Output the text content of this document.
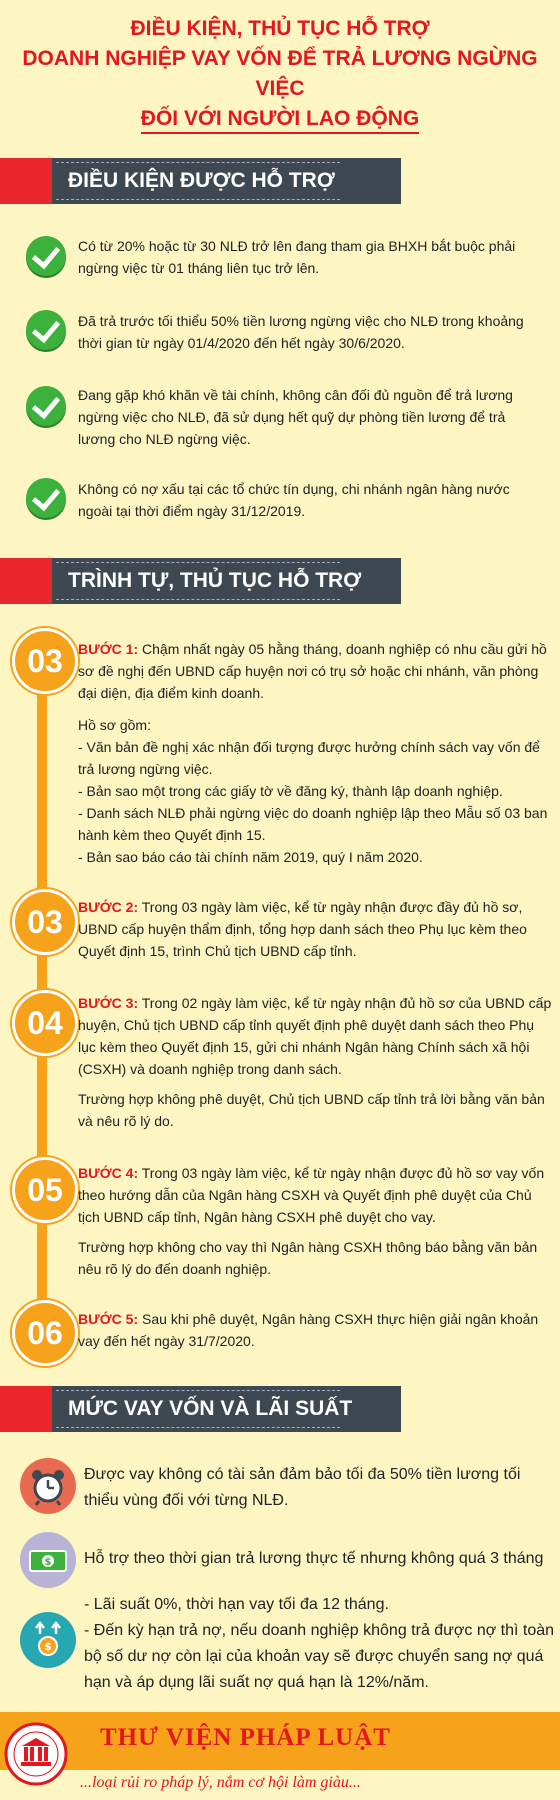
ĐIỀU KIỆN, THỦ TỤC HỖ TRỢ
DOANH NGHIỆP VAY VỐN ĐỂ TRẢ LƯƠNG NGỪNG VIỆC
ĐỐI VỚI NGƯỜI LAO ĐỘNG
ĐIỀU KIỆN ĐƯỢC HỖ TRỢ
Có từ 20% hoặc từ 30 NLĐ trở lên đang tham gia BHXH bắt buộc phải ngừng việc từ 01 tháng liên tục trở lên.
Đã trả trước tối thiểu 50% tiền lương ngừng việc cho NLĐ trong khoảng thời gian từ ngày 01/4/2020 đến hết ngày 30/6/2020.
Đang gặp khó khăn về tài chính, không cân đối đủ nguồn để trả lương ngừng việc cho NLĐ, đã sử dụng hết quỹ dự phòng tiền lương để trả lương cho NLĐ ngừng việc.
Không có nợ xấu tại các tổ chức tín dụng, chi nhánh ngân hàng nước ngoài tại thời điểm ngày 31/12/2019.
TRÌNH TỰ, THỦ TỤC HỖ TRỢ
03	BƯỚC 1: Chậm nhất ngày 05 hằng tháng, doanh nghiệp có nhu cầu gửi hồ sơ đề nghị đến UBND cấp huyện nơi có trụ sở hoặc chi nhánh, văn phòng đại diện, địa điểm kinh doanh.

Hồ sơ gồm:
- Văn bản đề nghị xác nhận đối tượng được hưởng chính sách vay vốn để trả lương ngừng việc.
- Bản sao một trong các giấy tờ về đăng ký, thành lập doanh nghiệp.
- Danh sách NLĐ phải ngừng việc do doanh nghiệp lập theo Mẫu số 03 ban hành kèm theo Quyết định 15.
- Bản sao báo cáo tài chính năm 2019, quý I năm 2020.
03	BƯỚC 2: Trong 03 ngày làm việc, kể từ ngày nhận được đầy đủ hồ sơ, UBND cấp huyện thẩm định, tổng hợp danh sách theo Phụ lục kèm theo Quyết định 15, trình Chủ tịch UBND cấp tỉnh.

04

BƯỚC 3: Trong 02 ngày làm việc, kể từ ngày nhận đủ hồ sơ của UBND cấp huyện, Chủ tịch UBND cấp tỉnh quyết định phê duyệt danh sách theo Phụ lục kèm theo Quyết định 15, gửi chi nhánh Ngân hàng Chính sách xã hội (CSXH) và doanh nghiệp trong danh sách.

Trường hợp không phê duyệt, Chủ tịch UBND cấp tỉnh trả lời bằng văn bản và nêu rõ lý do.

05	BƯỚC 4: Trong 03 ngày làm việc, kể từ ngày nhận được đủ hồ sơ vay vốn theo hướng dẫn của Ngân hàng CSXH và Quyết định phê duyệt của Chủ tịch UBND cấp tỉnh, Ngân hàng CSXH phê duyệt cho vay.

Trường hợp không cho vay thì Ngân hàng CSXH thông báo bằng văn bản nêu rõ lý do đến doanh nghiệp.

06	BƯỚC 5: Sau khi phê duyệt, Ngân hàng CSXH thực hiện giải ngân khoản vay đến hết ngày 31/7/2020.

MỨC VAY VỐN VÀ LÃI SUẤT
Được vay không có tài sản đảm bảo tối đa 50% tiền lương tối thiểu vùng đối với từng NLĐ.
$ Hỗ trợ theo thời gian trả lương thực tế nhưng không quá 3 tháng
$
- Lãi suất 0%, thời hạn vay tối đa 12 tháng.
- Đến kỳ hạn trả nợ, nếu doanh nghiệp không trả được nợ thì toàn bộ số dư nợ còn lại của khoản vay sẽ được chuyển sang nợ quá hạn và áp dụng lãi suất nợ quá hạn là 12%/năm.
THƯ VIỆN PHÁP LUẬT
...loại rủi ro pháp lý, nắm cơ hội làm giàu...
